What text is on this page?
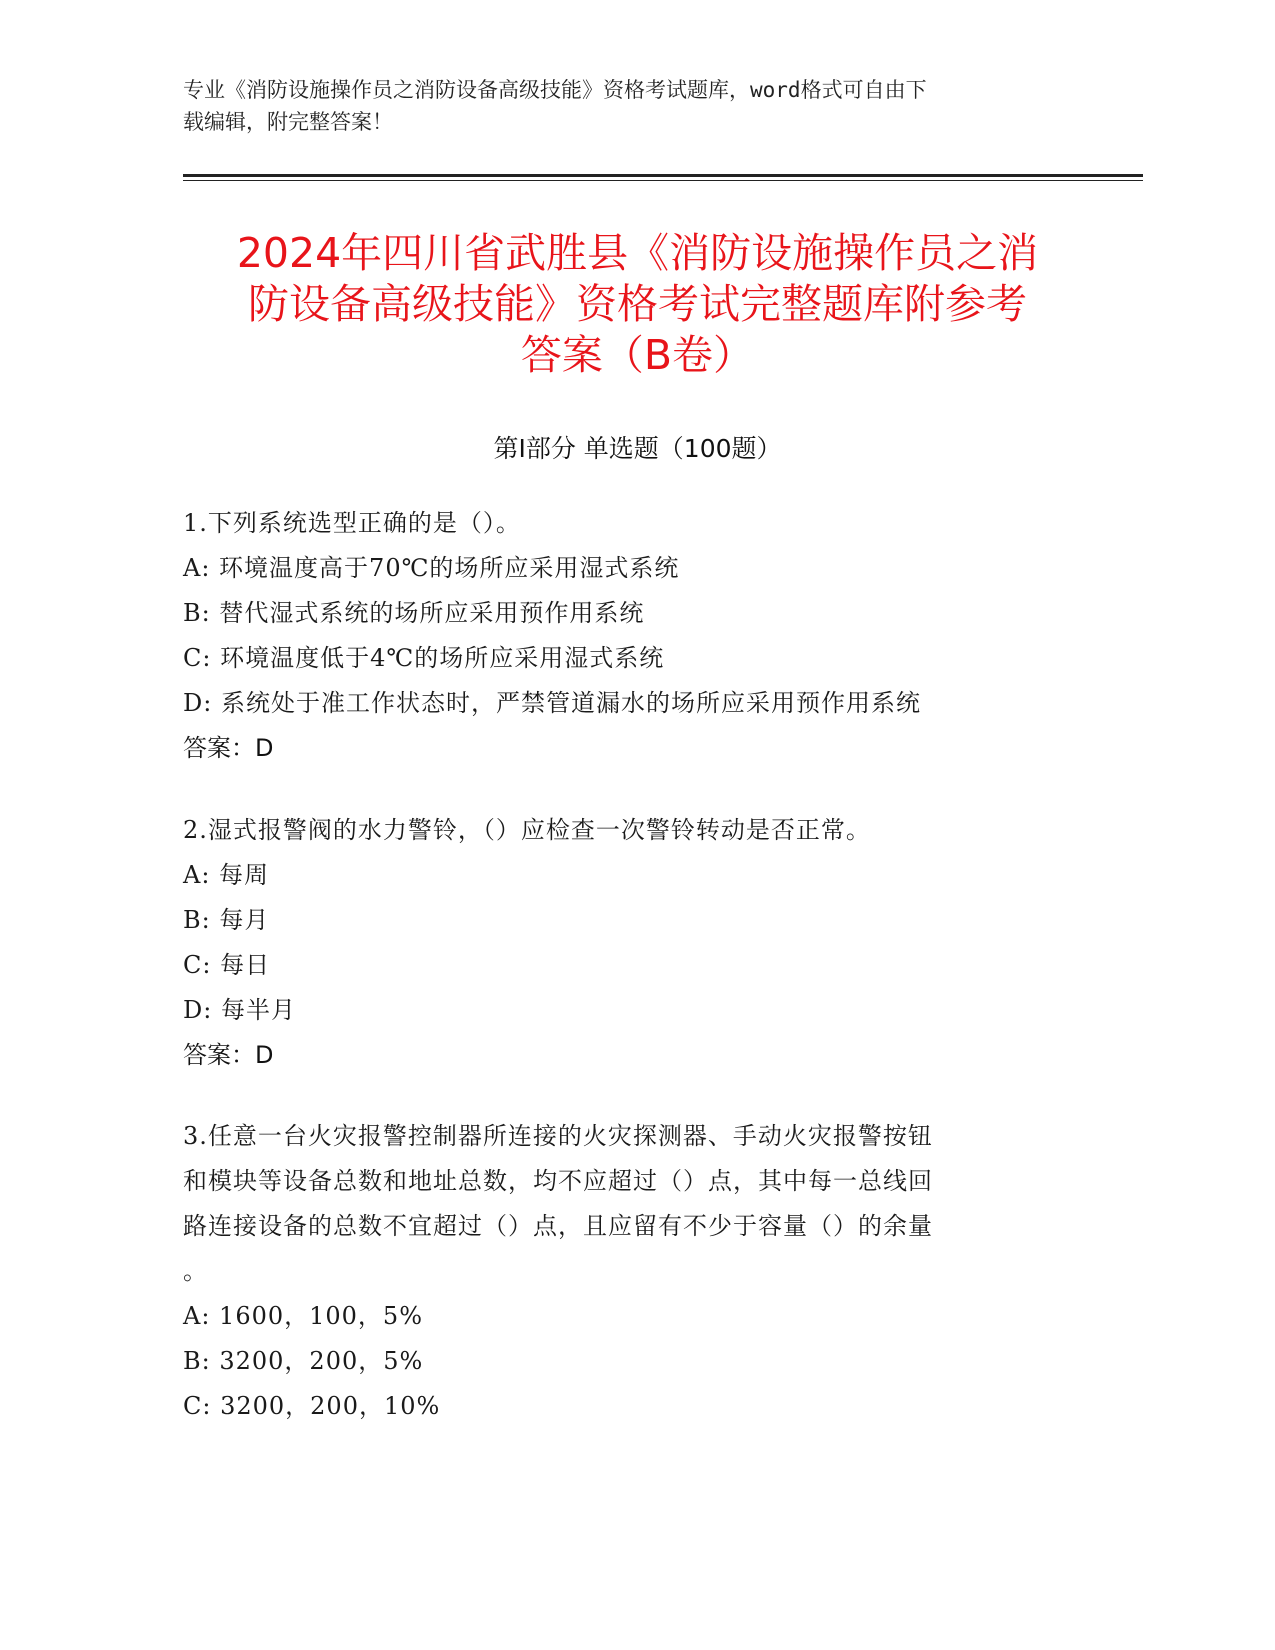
专业《消防设施操作员之消防设备高级技能》资格考试题库，word格式可自由下
载编辑，附完整答案！
2024年四川省武胜县《消防设施操作员之消
防设备高级技能》资格考试完整题库附参考
答案（B卷）
第Ⅰ部分 单选题（100题）
1.下列系统选型正确的是（）。
A: 环境温度高于70℃的场所应采用湿式系统
B: 替代湿式系统的场所应采用预作用系统
C: 环境温度低于4℃的场所应采用湿式系统
D: 系统处于准工作状态时，严禁管道漏水的场所应采用预作用系统
答案：D
2.湿式报警阀的水力警铃，（）应检查一次警铃转动是否正常。
A: 每周
B: 每月
C: 每日
D: 每半月
答案：D
3.任意一台火灾报警控制器所连接的火灾探测器、手动火灾报警按钮
和模块等设备总数和地址总数，均不应超过（）点，其中每一总线回
路连接设备的总数不宜超过（）点，且应留有不少于容量（）的余量
。
A: 1600，100，5%
B: 3200，200，5%
C: 3200，200，10%
